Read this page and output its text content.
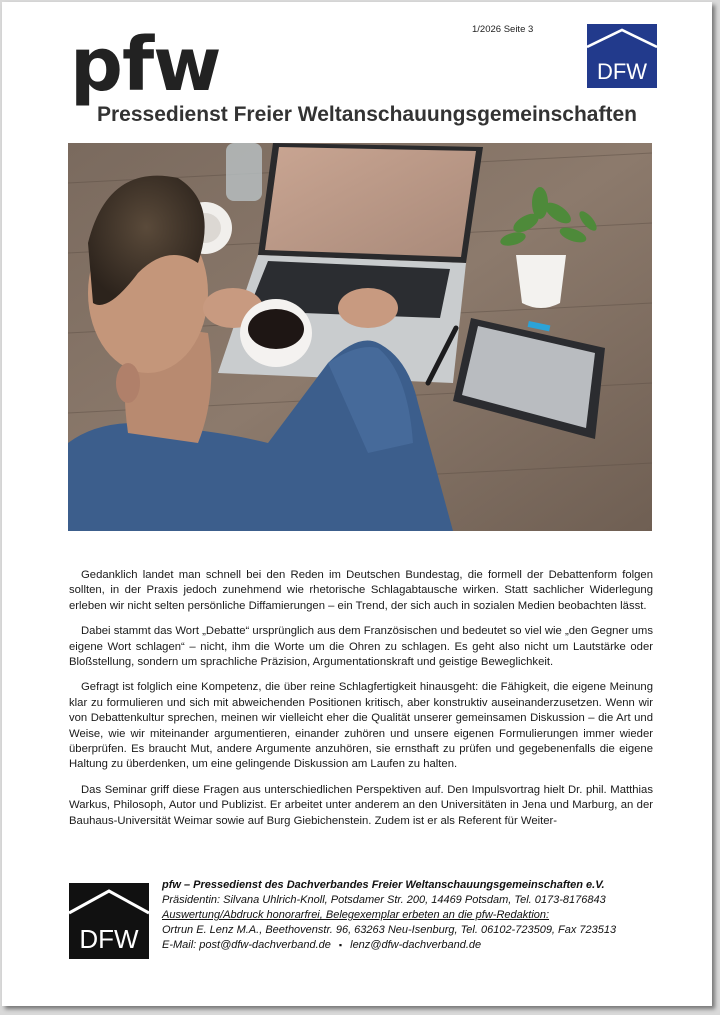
1/2026 Seite 3
pfw
Pressedienst Freier Weltanschauungsgemeinschaften
DFW

Gedanklich landet man schnell bei den Reden im Deutschen Bundestag, die formell der Debattenform folgen sollten, in der Praxis jedoch zunehmend wie rhetorische Schlagabtausche wirken. Statt sachlicher Widerlegung erleben wir nicht selten persönliche Diffamierungen – ein Trend, der sich auch in sozialen Medien beobachten lässt.

Dabei stammt das Wort „Debatte“ ursprünglich aus dem Französischen und bedeutet so viel wie „den Gegner ums eigene Wort schlagen“ – nicht, ihm die Worte um die Ohren zu schlagen. Es geht also nicht um Lautstärke oder Bloßstellung, sondern um sprachliche Präzision, Argumentationskraft und geistige Beweglichkeit.

Gefragt ist folglich eine Kompetenz, die über reine Schlagfertigkeit hinausgeht: die Fähigkeit, die eigene Meinung klar zu formulieren und sich mit abweichenden Positionen kritisch, aber konstruktiv auseinanderzusetzen. Wenn wir von Debattenkultur sprechen, meinen wir vielleicht eher die Qualität unserer gemeinsamen Diskussion – die Art und Weise, wie wir miteinander argumentieren, einander zuhören und unsere eigenen Formulierungen immer wieder überprüfen. Es braucht Mut, andere Argumente anzuhören, sie ernsthaft zu prüfen und gegebenenfalls die eigene Haltung zu überdenken, um eine gelingende Diskussion am Laufen zu halten.

Das Seminar griff diese Fragen aus unterschiedlichen Perspektiven auf. Den Impulsvortrag hielt Dr. phil. Matthias Warkus, Philosoph, Autor und Publizist. Er arbeitet unter anderem an den Universitäten in Jena und Marburg, an der Bauhaus-Universität Weimar sowie auf Burg Giebichenstein. Zudem ist er als Referent für Weiter-

DFW
pfw – Pressedienst des Dachverbandes Freier Weltanschauungsgemeinschaften e.V.
Präsidentin: Silvana Uhlrich-Knoll, Potsdamer Str. 200, 14469 Potsdam, Tel. 0173-8176843
Auswertung/Abdruck honorarfrei, Belegexemplar erbeten an die pfw-Redaktion:
Ortrun E. Lenz M.A., Beethovenstr. 96, 63263 Neu-Isenburg, Tel. 06102-723509, Fax 723513
E-Mail: post@dfw-dachverband.de ▪ lenz@dfw-dachverband.de
